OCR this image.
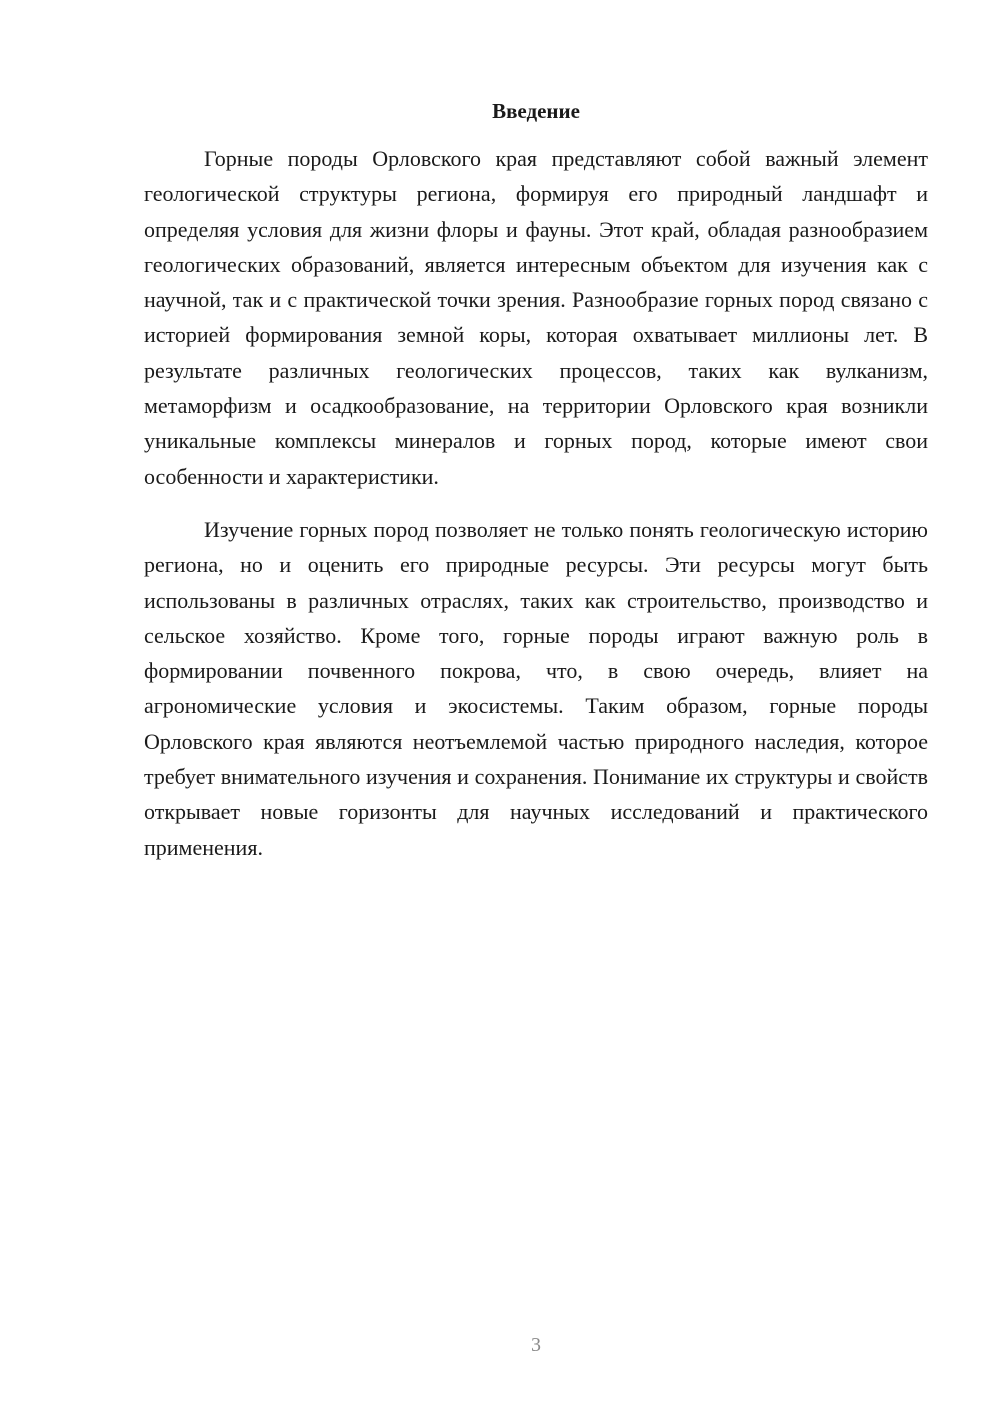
Введение

Горные породы Орловского края представляют собой важный элемент геологической структуры региона, формируя его природный ландшафт и определяя условия для жизни флоры и фауны. Этот край, обладая разнообразием геологических образований, является интересным объектом для изучения как с научной, так и с практической точки зрения. Разнообразие горных пород связано с историей формирования земной коры, которая охватывает миллионы лет. В результате различных геологических процессов, таких как вулканизм, метаморфизм и осадкообразование, на территории Орловского края возникли уникальные комплексы минералов и горных пород, которые имеют свои особенности и характеристики.

Изучение горных пород позволяет не только понять геологическую историю региона, но и оценить его природные ресурсы. Эти ресурсы могут быть использованы в различных отраслях, таких как строительство, производство и сельское хозяйство. Кроме того, горные породы играют важную роль в формировании почвенного покрова, что, в свою очередь, влияет на агрономические условия и экосистемы. Таким образом, горные породы Орловского края являются неотъемлемой частью природного наследия, которое требует внимательного изучения и сохранения. Понимание их структуры и свойств открывает новые горизонты для научных исследований и практического применения.

3
